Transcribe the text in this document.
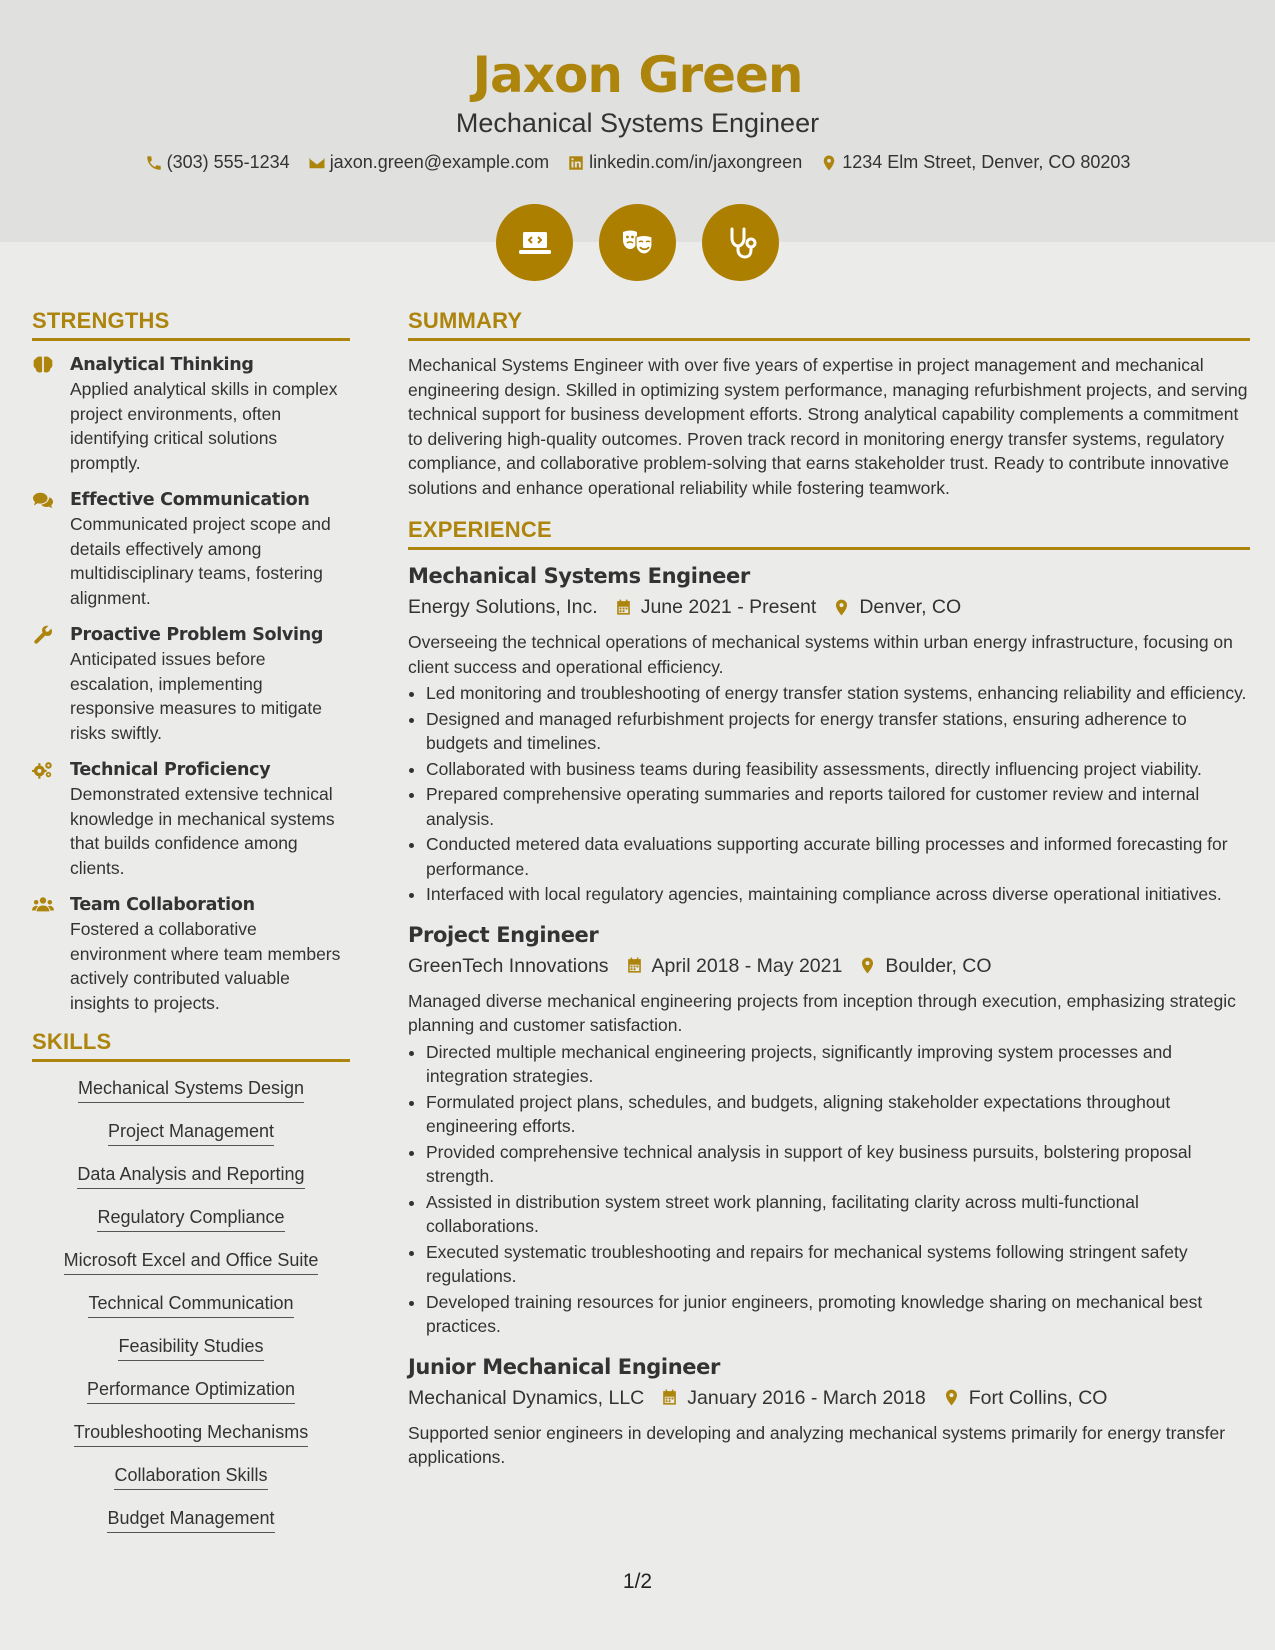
Jaxon Green
Mechanical Systems Engineer
(303) 555-1234 jaxon.green@example.com linkedin.com/in/jaxongreen 1234 Elm Street, Denver, CO 80203
STRENGTHS
Analytical Thinking

Applied analytical skills in complex project environments, often identifying critical solutions promptly.

Effective Communication

Communicated project scope and details effectively among multidisciplinary teams, fostering alignment.

Proactive Problem Solving

Anticipated issues before escalation, implementing responsive measures to mitigate risks swiftly.

Technical Proficiency

Demonstrated extensive technical knowledge in mechanical systems that builds confidence among clients.

Team Collaboration

Fostered a collaborative environment where team members actively contributed valuable insights to projects.

SKILLS
Mechanical Systems Design
Project Management
Data Analysis and Reporting
Regulatory Compliance
Microsoft Excel and Office Suite
Technical Communication
Feasibility Studies
Performance Optimization
Troubleshooting Mechanisms
Collaboration Skills
Budget Management
SUMMARY

Mechanical Systems Engineer with over five years of expertise in project management and mechanical engineering design. Skilled in optimizing system performance, managing refurbishment projects, and serving technical support for business development efforts. Strong analytical capability complements a commitment to delivering high-quality outcomes. Proven track record in monitoring energy transfer systems, regulatory compliance, and collaborative problem-solving that earns stakeholder trust. Ready to contribute innovative solutions and enhance operational reliability while fostering teamwork.

EXPERIENCE
Mechanical Systems Engineer
Energy Solutions, Inc. June 2021 - Present Denver, CO

Overseeing the technical operations of mechanical systems within urban energy infrastructure, focusing on client success and operational efficiency.

• Led monitoring and troubleshooting of energy transfer station systems, enhancing reliability and efficiency.
• Designed and managed refurbishment projects for energy transfer stations, ensuring adherence to budgets and timelines.
• Collaborated with business teams during feasibility assessments, directly influencing project viability.
• Prepared comprehensive operating summaries and reports tailored for customer review and internal analysis.
• Conducted metered data evaluations supporting accurate billing processes and informed forecasting for performance.
• Interfaced with local regulatory agencies, maintaining compliance across diverse operational initiatives.
Project Engineer
GreenTech Innovations April 2018 - May 2021 Boulder, CO

Managed diverse mechanical engineering projects from inception through execution, emphasizing strategic planning and customer satisfaction.

• Directed multiple mechanical engineering projects, significantly improving system processes and integration strategies.
• Formulated project plans, schedules, and budgets, aligning stakeholder expectations throughout engineering efforts.
• Provided comprehensive technical analysis in support of key business pursuits, bolstering proposal strength.
• Assisted in distribution system street work planning, facilitating clarity across multi-functional collaborations.
• Executed systematic troubleshooting and repairs for mechanical systems following stringent safety regulations.
• Developed training resources for junior engineers, promoting knowledge sharing on mechanical best practices.
Junior Mechanical Engineer
Mechanical Dynamics, LLC January 2016 - March 2018 Fort Collins, CO

Supported senior engineers in developing and analyzing mechanical systems primarily for energy transfer applications.

1/2
